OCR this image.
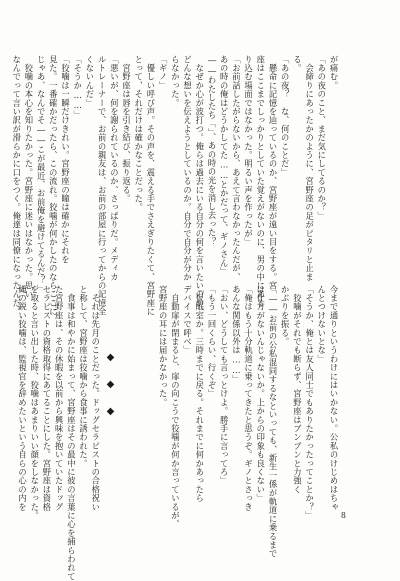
が痛む。
「あの夜のこと、まだ気にしてるのか？」
　会締りにあったかのように、宮野座の足がピタリと止ま
る。
「あの夜？　な、何のことだ」
　懸命に記憶を辿っているのか、宮野座が遠い目をする。宮
座はここまでしっかりとしていた覚えがないのに、男の中にある
り込む場面ではなかった。明るい声を作ったが」
「お前話したがらないから、あえて言わなかったんだが、
あの時の俺はどうかしてた……とかだって、ギノさん」
――わたしたち「」、あの時の光を消し去った？
　なぜか心が波打つ。俺らは過去にいる自分の何を言いたいのか。
どんな想いを伝えようとしているのか。自分で自分が分か
らなかった。
「ギノ」
　優しい呼び声。その声を、震える手でさえぎりたくて、宮野座に
とって、それだけは確かなことだった。
　宮野座は唇を引き結び、振り返る。
「悪いが、何を謝られているのか、さっぱりだ。メディカ
ルトレーナーで、お前の親友は、お前の部屋に行ってからの記憶全
くないんだ」
「そうか……」
「狡噛は一瞬だけきれい。宮野座の瞳は確かにそれを
見た。一番確かだったら、この流れ。狡噛が何かしたのならここに
じゃあ、なんでそ――こが最近、お前俺を避けてるんだ？」
　狡噛の本心を知りたかった。宮野座に迷いはなかった。思い
なんでって言い訳が滑らかに口をつく。俺達は同僚になったんだ。
今まで通りというわけにはいかない。公私のけじめはちゃ
んとつけないとな」
「そうか、俺とは友人同士でもありたかったってことか？」
　狡噛がそれでも断らず、宮野座はブンブンと力強く
かぶりを振る。
「――お前の公私混同するなといっても、新生一係が軌道に乗るまで
は仕方がないんじゃないか。上からの印象も良くない」
「俺はもう十分軌道に乗ってきたと思うぞ。ギノとさっき
あんな関係以外は……」
「おい、どうしても言っとけよ。勝手に言ってろ」
「もう一回くらい、行くぞ」
「仮眠室か。三時までに戻る。それまでに何かあったら
デバイスで呼べ」
　自動扉が閉まると、扉の向こうで狡噛が何か言っているが、
宮野座の耳には届かなかった。
◆◆◆
　それは先月のことだった。ドッグセラピストの合格祝い
と称して、宮野座は狡噛から食事に誘われた。
　食事は和やかに始まって、宮野座はその最中に彼の言葉に心を捕らわれて
た宮野座は、その休暇を以前から興味を抱いていたドッグ
セラピストの資格取得にあてることにした。宮野座は資格
を取ると言い出した時、狡噛はあまりいい顔をしなかった。
縄の鋭い狡噛は、監視官を辞めたいという自らの心の内を
8
